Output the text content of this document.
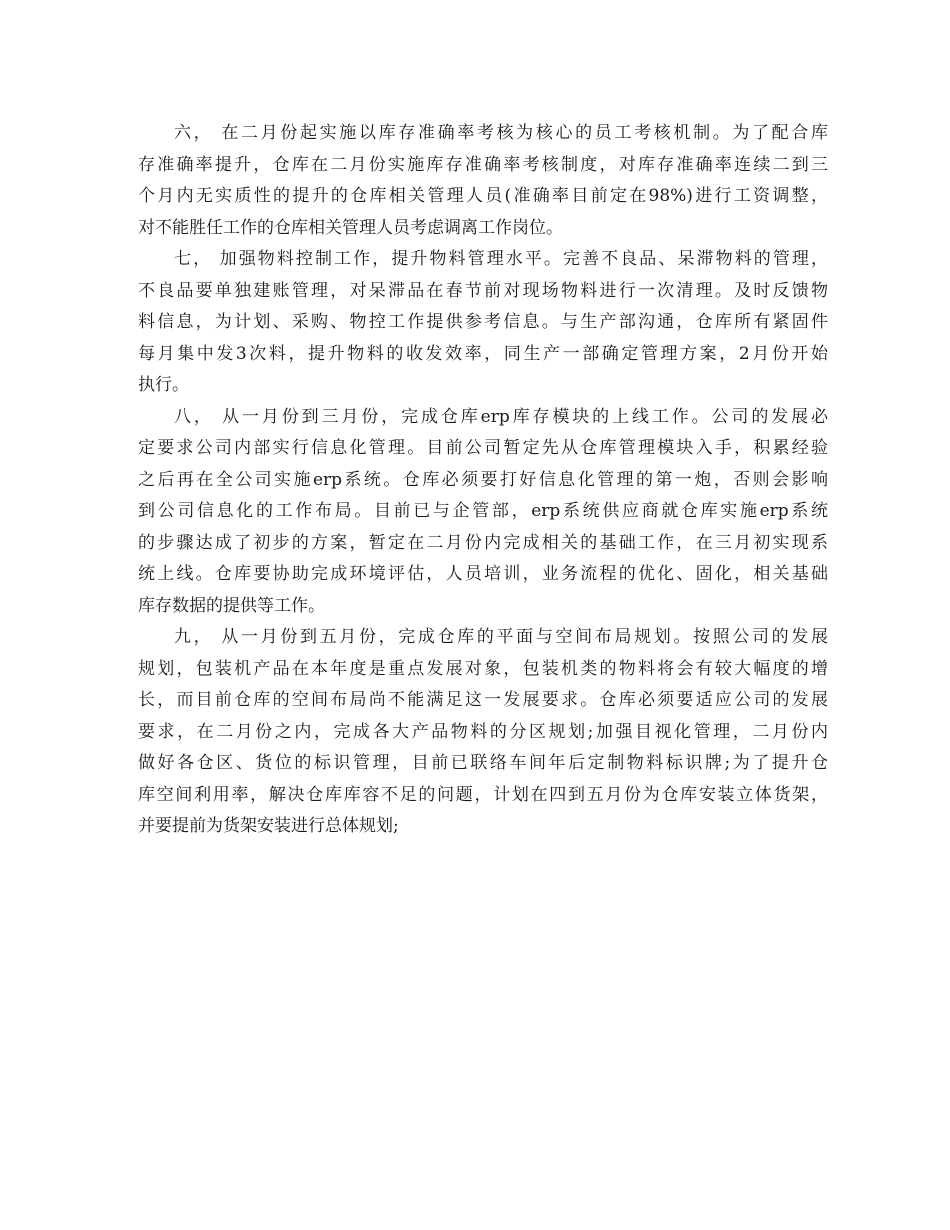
六， 在二月份起实施以库存准确率考核为核心的员工考核机制。为了配合库
存准确率提升，仓库在二月份实施库存准确率考核制度，对库存准确率连续二到三
个月内无实质性的提升的仓库相关管理人员(准确率目前定在98%)进行工资调整，
对不能胜任工作的仓库相关管理人员考虑调离工作岗位。
七， 加强物料控制工作，提升物料管理水平。完善不良品、呆滞物料的管理，
不良品要单独建账管理，对呆滞品在春节前对现场物料进行一次清理。及时反馈物
料信息，为计划、采购、物控工作提供参考信息。与生产部沟通，仓库所有紧固件
每月集中发3次料，提升物料的收发效率，同生产一部确定管理方案，2月份开始
执行。
八， 从一月份到三月份，完成仓库erp库存模块的上线工作。公司的发展必
定要求公司内部实行信息化管理。目前公司暂定先从仓库管理模块入手，积累经验
之后再在全公司实施erp系统。仓库必须要打好信息化管理的第一炮，否则会影响
到公司信息化的工作布局。目前已与企管部，erp系统供应商就仓库实施erp系统
的步骤达成了初步的方案，暂定在二月份内完成相关的基础工作，在三月初实现系
统上线。仓库要协助完成环境评估，人员培训，业务流程的优化、固化，相关基础
库存数据的提供等工作。
九， 从一月份到五月份，完成仓库的平面与空间布局规划。按照公司的发展
规划，包装机产品在本年度是重点发展对象，包装机类的物料将会有较大幅度的增
长，而目前仓库的空间布局尚不能满足这一发展要求。仓库必须要适应公司的发展
要求，在二月份之内，完成各大产品物料的分区规划;加强目视化管理，二月份内
做好各仓区、货位的标识管理，目前已联络车间年后定制物料标识牌;为了提升仓
库空间利用率，解决仓库库容不足的问题，计划在四到五月份为仓库安装立体货架，
并要提前为货架安装进行总体规划;
